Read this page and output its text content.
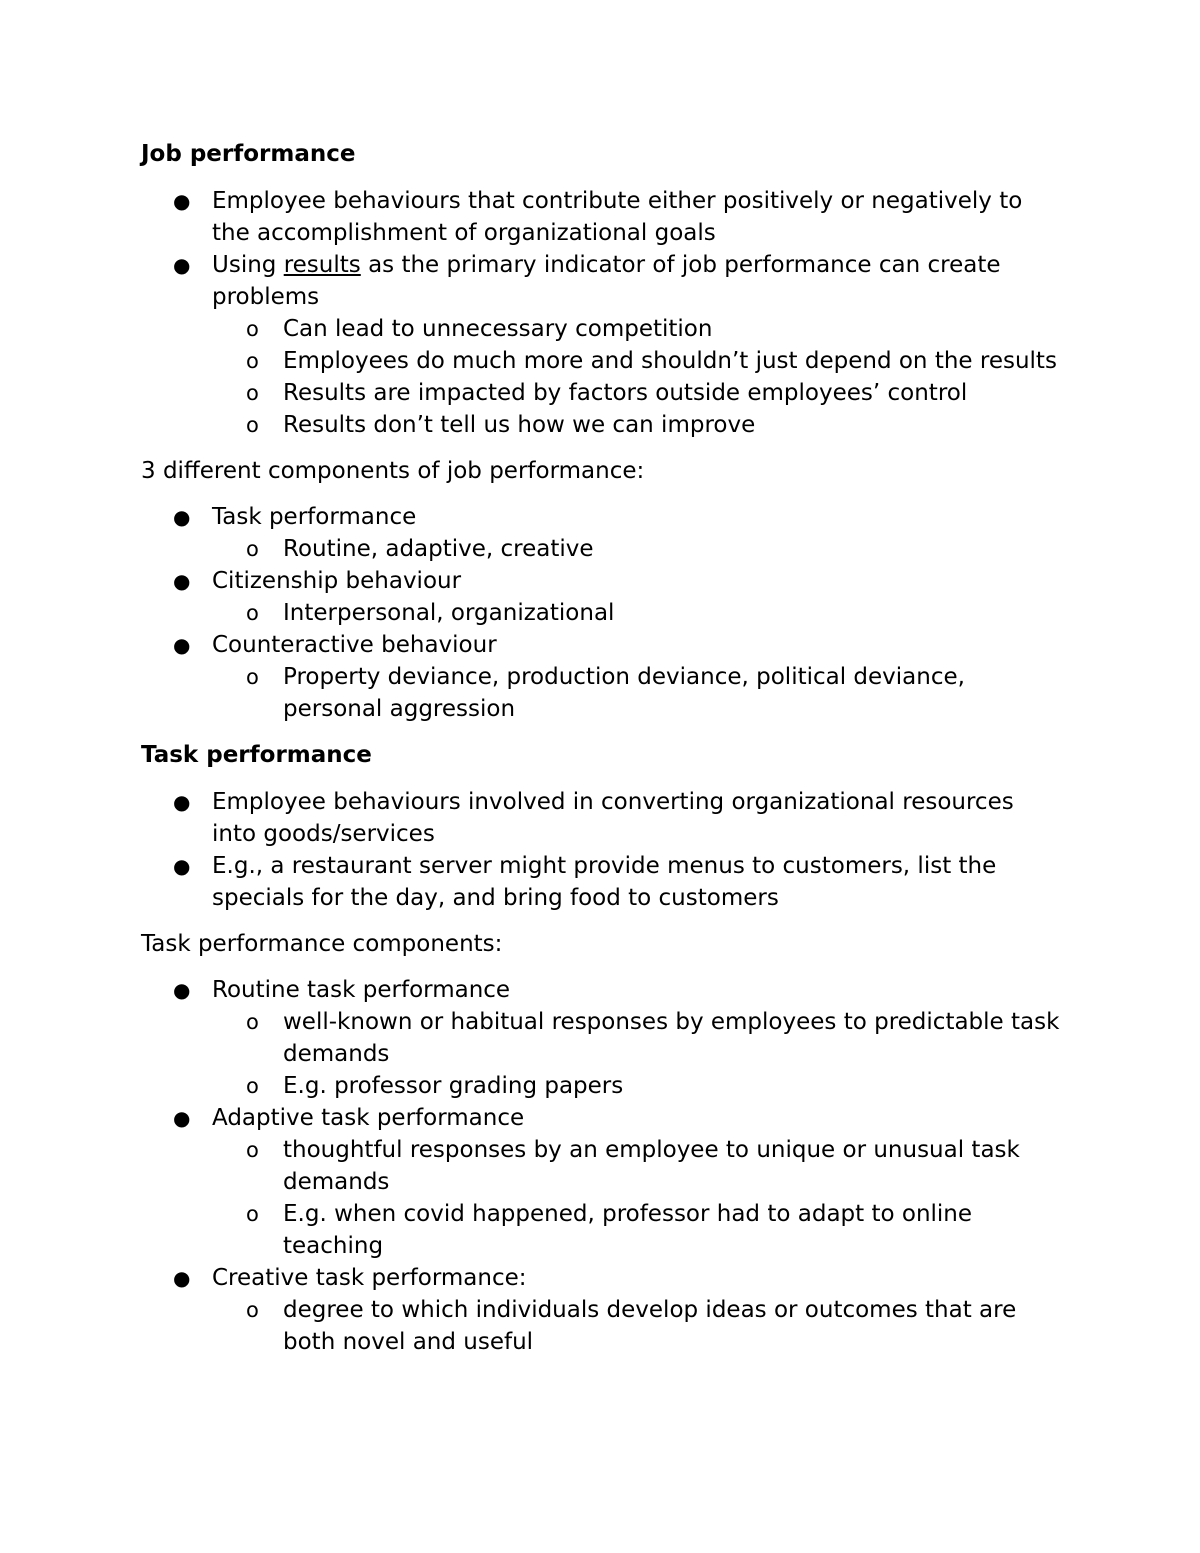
Job performance
● Employee behaviours that contribute either positively or negatively to the accomplishment of organizational goals
● Using results as the primary indicator of job performance can create problems
o Can lead to unnecessary competition
o Employees do much more and shouldn’t just depend on the results
o Results are impacted by factors outside employees’ control
o Results don’t tell us how we can improve
3 different components of job performance:
● Task performance
o Routine, adaptive, creative
● Citizenship behaviour
o Interpersonal, organizational
● Counteractive behaviour
o Property deviance, production deviance, political deviance, personal aggression
Task performance
● Employee behaviours involved in converting organizational resources into goods/services
● E.g., a restaurant server might provide menus to customers, list the specials for the day, and bring food to customers
Task performance components:
● Routine task performance
o well-known or habitual responses by employees to predictable task demands
o E.g. professor grading papers
● Adaptive task performance
o thoughtful responses by an employee to unique or unusual task demands
o E.g. when covid happened, professor had to adapt to online teaching
● Creative task performance:
o degree to which individuals develop ideas or outcomes that are both novel and useful
